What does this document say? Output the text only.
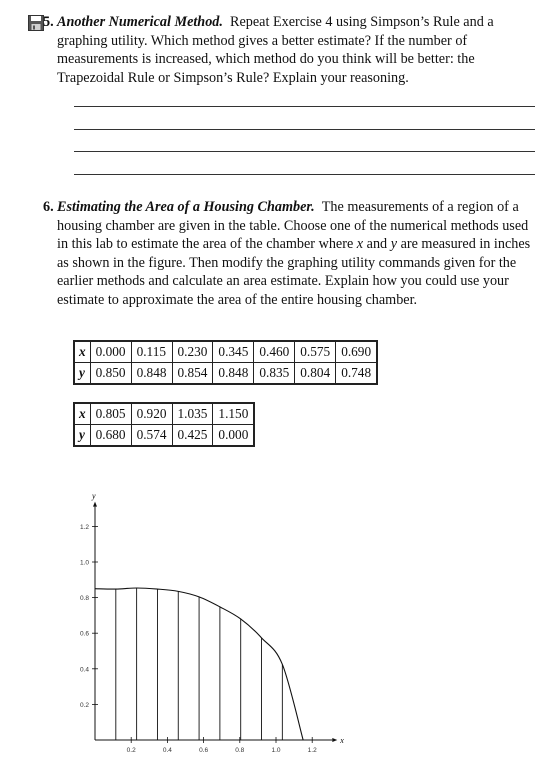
5. Another Numerical Method. Repeat Exercise 4 using Simpson’s Rule and a graphing utility. Which method gives a better estimate? If the number of measurements is increased, which method do you think will be better: the Trapezoidal Rule or Simpson’s Rule? Explain your reasoning.
6. Estimating the Area of a Housing Chamber. The measurements of a region of a housing chamber are given in the table. Choose one of the numerical methods used in this lab to estimate the area of the chamber where x and y are measured in inches as shown in the figure. Then modify the graphing utility commands given for the earlier methods and calculate an area estimate. Explain how you could use your estimate to approximate the area of the entire housing chamber.
x	0.000	0.115	0.230	0.345	0.460	0.575	0.690
y	0.850	0.848	0.854	0.848	0.835	0.804	0.748
x	0.805	0.920	1.035	1.150
y	0.680	0.574	0.425	0.000
x
y
0.2	0.4	0.6	0.8	1.0	1.2
0.2
0.4
0.6
0.8
1.0
1.2
